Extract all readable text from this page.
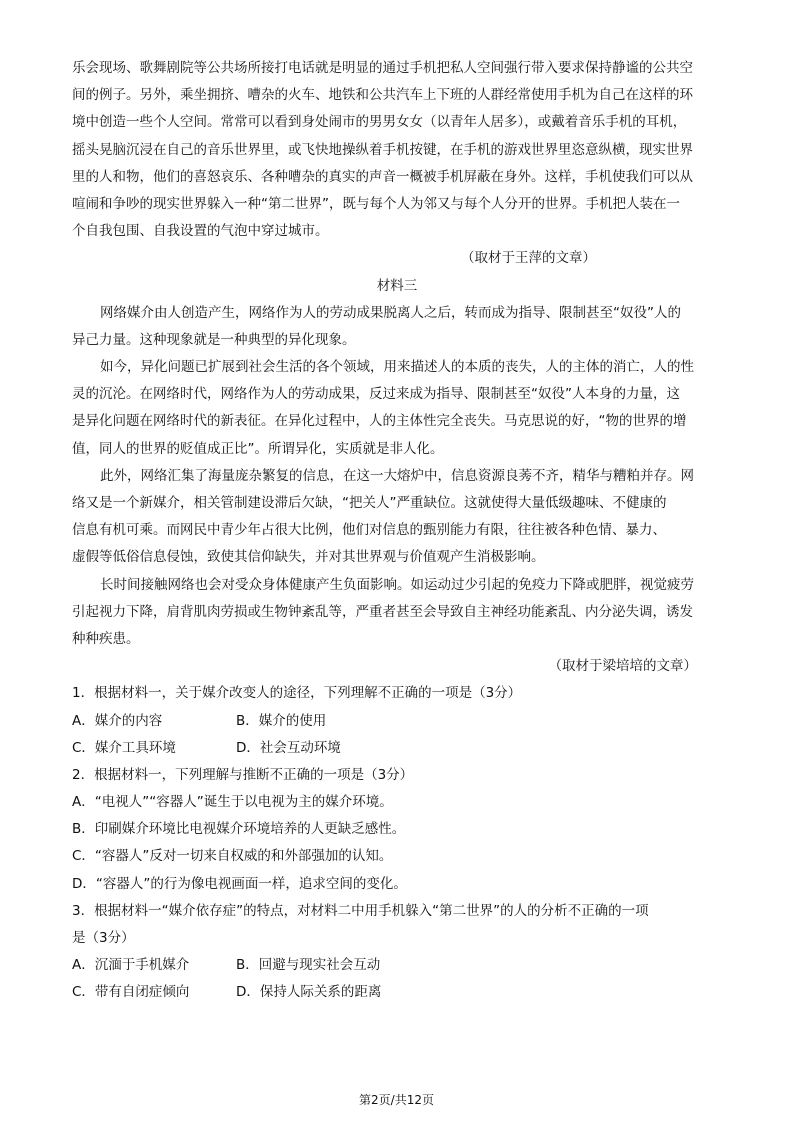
乐会现场、歌舞剧院等公共场所接打电话就是明显的通过手机把私人空间强行带入要求保持静谧的公共空
间的例子。另外，乘坐拥挤、嘈杂的火车、地铁和公共汽车上下班的人群经常使用手机为自己在这样的环
境中创造一些个人空间。常常可以看到身处闹市的男男女女（以青年人居多），或戴着音乐手机的耳机，
摇头晃脑沉浸在自己的音乐世界里，或飞快地操纵着手机按键，在手机的游戏世界里恣意纵横，现实世界
里的人和物，他们的喜怒哀乐、各种嘈杂的真实的声音一概被手机屏蔽在身外。这样，手机使我们可以从
喧闹和争吵的现实世界躲入一种“第二世界”，既与每个人为邻又与每个人分开的世界。手机把人装在一
个自我包围、自我设置的气泡中穿过城市。
（取材于王萍的文章）
材料三
网络媒介由人创造产生，网络作为人的劳动成果脱离人之后，转而成为指导、限制甚至“奴役”人的
异己力量。这种现象就是一种典型的异化现象。
如今，异化问题已扩展到社会生活的各个领域，用来描述人的本质的丧失，人的主体的消亡，人的性
灵的沉沦。在网络时代，网络作为人的劳动成果，反过来成为指导、限制甚至“奴役”人本身的力量，这
是异化问题在网络时代的新表征。在异化过程中，人的主体性完全丧失。马克思说的好，“物的世界的增
值，同人的世界的贬值成正比”。所谓异化，实质就是非人化。
此外，网络汇集了海量庞杂繁复的信息，在这一大熔炉中，信息资源良莠不齐，精华与糟粕并存。网
络又是一个新媒介，相关管制建设滞后欠缺，“把关人”严重缺位。这就使得大量低级趣味、不健康的
信息有机可乘。而网民中青少年占很大比例，他们对信息的甄别能力有限，往往被各种色情、暴力、
虚假等低俗信息侵蚀，致使其信仰缺失，并对其世界观与价值观产生消极影响。
长时间接触网络也会对受众身体健康产生负面影响。如运动过少引起的免疫力下降或肥胖，视觉疲劳
引起视力下降，肩背肌肉劳损或生物钟紊乱等，严重者甚至会导致自主神经功能紊乱、内分泌失调，诱发
种种疾患。
（取材于梁培培的文章）
1．根据材料一，关于媒介改变人的途径，下列理解不正确的一项是（3分）
A．媒介的内容	B．媒介的使用
C．媒介工具环境	D．社会互动环境
2．根据材料一，下列理解与推断不正确的一项是（3分）
A．“电视人”“容器人”诞生于以电视为主的媒介环境。
B．印刷媒介环境比电视媒介环境培养的人更缺乏感性。
C．“容器人”反对一切来自权威的和外部强加的认知。
D．“容器人”的行为像电视画面一样，追求空间的变化。
3．根据材料一“媒介依存症”的特点，对材料二中用手机躲入“第二世界”的人的分析不正确的一项
是（3分）
A．沉湎于手机媒介	B．回避与现实社会互动
C．带有自闭症倾向	D．保持人际关系的距离
第2页/共12页
